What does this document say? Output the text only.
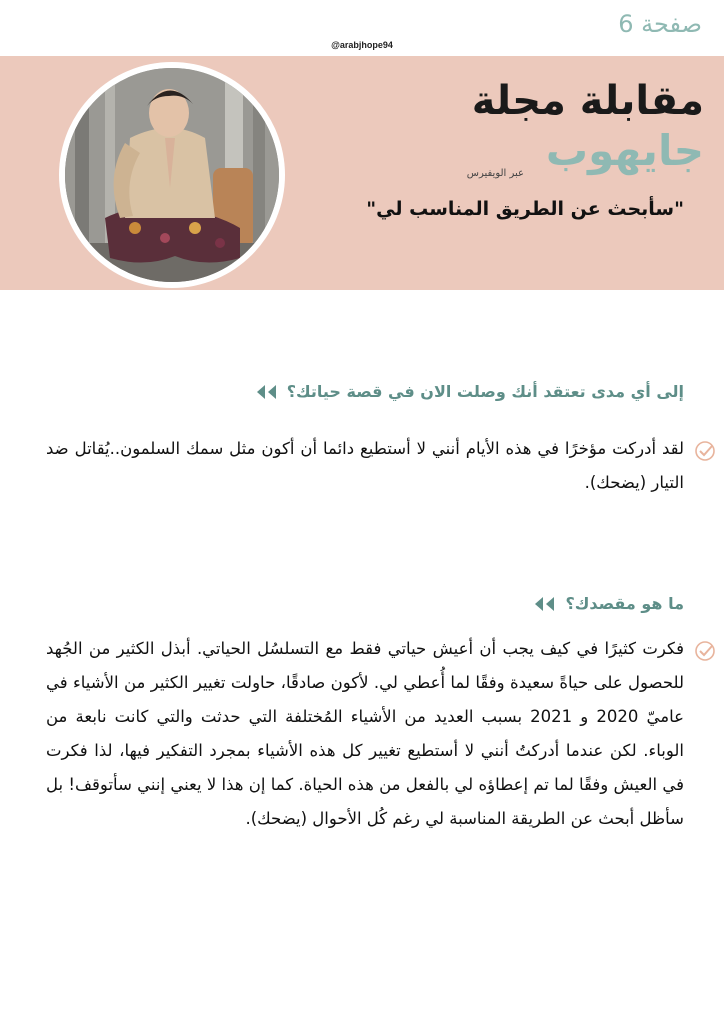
صفحة 6
@arabjhope94
مقابلة مجلة
جايهوب
عبر الويفيرس
"سأبحث عن الطريق المناسب لي"
إلى أي مدى تعتقد أنك وصلت الان في قصة حياتك؟
لقد أدركت مؤخرًا في هذه الأيام أنني لا أستطيع دائما أن أكون مثل سمك السلمون..يُقاتل ضد التيار (يضحك).
ما هو مقصدك؟
فكرت كثيرًا في كيف يجب أن أعيش حياتي فقط مع التسلسُل الحياتي. أبذل الكثير من الجُهد للحصول على حياةً سعيدة وفقًا لما أُعطي لي. لأكون صادقًا، حاولت تغيير الكثير من الأشياء في عاميّ 2020 و 2021 بسبب العديد من الأشياء المُختلفة التي حدثت والتي كانت نابعة من الوباء. لكن عندما أدركتُ أنني لا أستطيع تغيير كل هذه الأشياء بمجرد التفكير فيها، لذا فكرت في العيش وفقًا لما تم إعطاؤه لي بالفعل من هذه الحياة. كما إن هذا لا يعني إنني سأتوقف! بل سأظل أبحث عن الطريقة المناسبة لي رغم كُل الأحوال (يضحك).
